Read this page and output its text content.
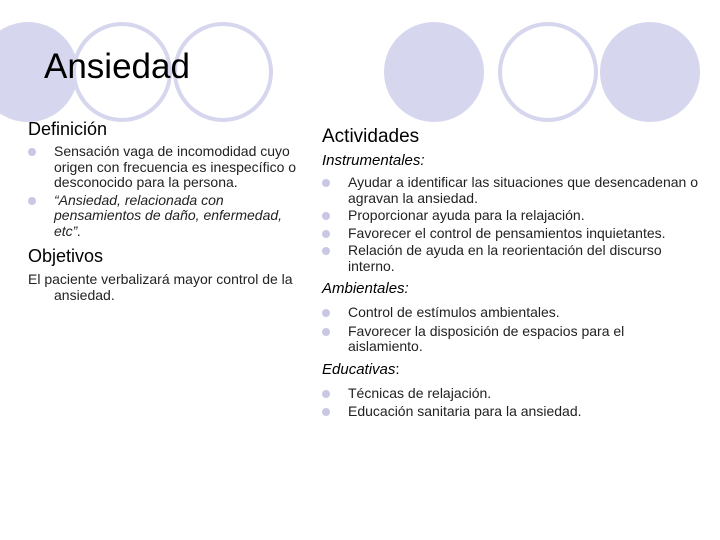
Ansiedad
Definición
Sensación vaga de incomodidad cuyo origen con frecuencia es inespecífico o desconocido para la persona.
“Ansiedad, relacionada con pensamientos de daño, enfermedad, etc”.
Objetivos
El paciente verbalizará mayor control de la ansiedad.
Actividades
Instrumentales:
Ayudar a identificar las situaciones que desencadenan o agravan la ansiedad.
Proporcionar ayuda para la relajación.
Favorecer el control de pensamientos inquietantes.
Relación de ayuda en la reorientación del discurso interno.
Ambientales:
Control de estímulos ambientales.
Favorecer la disposición de espacios para el aislamiento.
Educativas:
Técnicas de relajación.
Educación sanitaria para la ansiedad.
